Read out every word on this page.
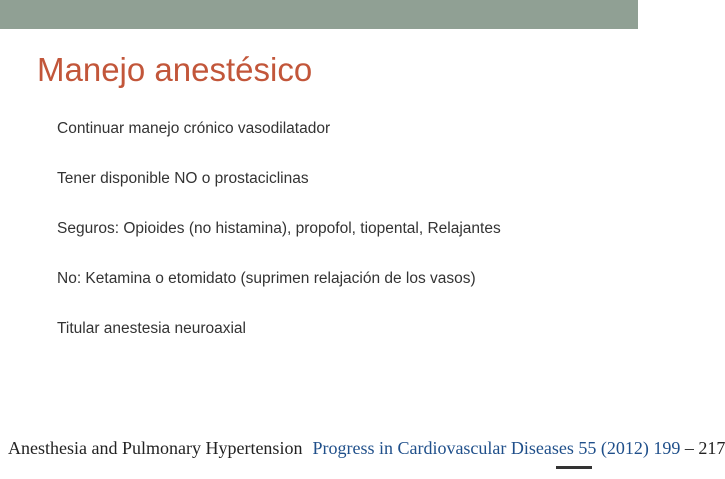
Manejo anestésico
Continuar manejo crónico vasodilatador
Tener disponible NO o prostaciclinas
Seguros: Opioides (no histamina), propofol, tiopental, Relajantes
No: Ketamina o etomidato (suprimen relajación de los vasos)
Titular anestesia neuroaxial
Anesthesia and Pulmonary Hypertension Progress in Cardiovascular Diseases 55 (2012) 199 – 217
